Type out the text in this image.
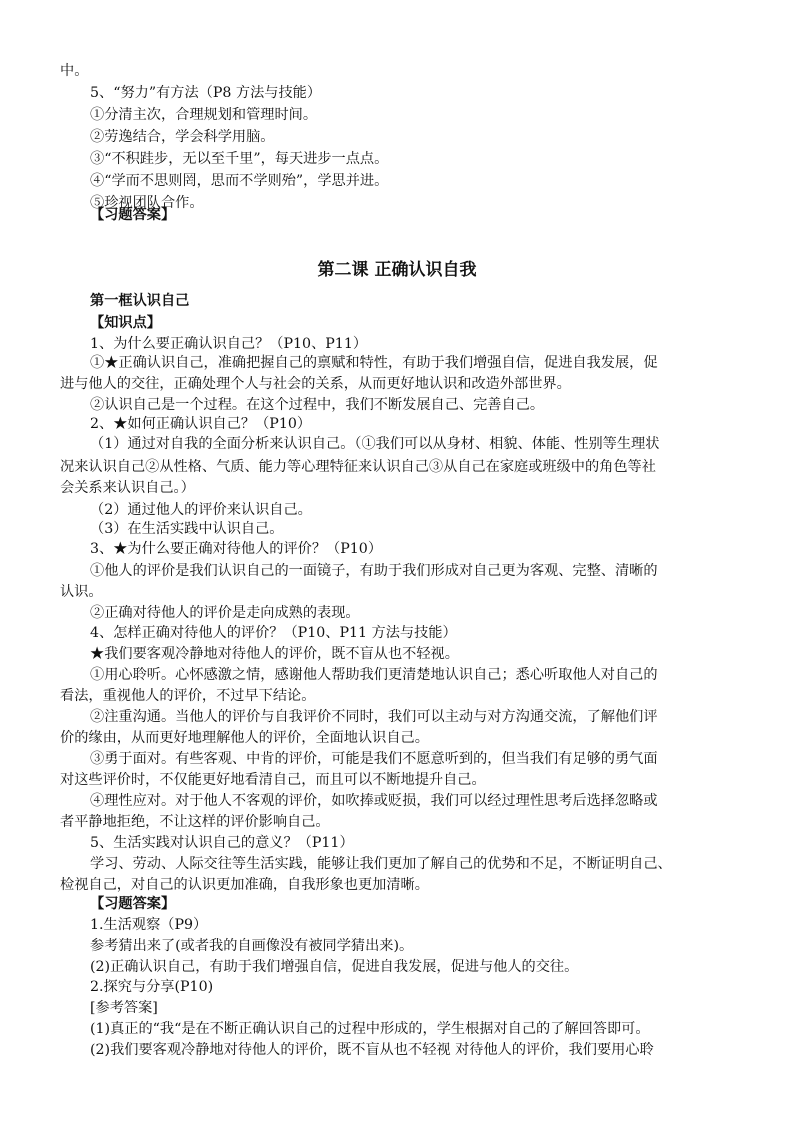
中。
5、“努力”有方法（P8 方法与技能）
①分清主次，合理规划和管理时间。
②劳逸结合，学会科学用脑。
③“不积跬步，无以至千里”，每天进步一点点。
④“学而不思则罔，思而不学则殆”，学思并进。
⑤珍视团队合作。
【习题答案】
第二课 正确认识自我
第一框认识自己
【知识点】
1、为什么要正确认识自己？（P10、P11）
①★正确认识自己，准确把握自己的禀赋和特性，有助于我们增强自信，促进自我发展，促
进与他人的交往，正确处理个人与社会的关系，从而更好地认识和改造外部世界。
②认识自己是一个过程。在这个过程中，我们不断发展自己、完善自己。
2、★如何正确认识自己？（P10）
（1）通过对自我的全面分析来认识自己。（①我们可以从身材、相貌、体能、性别等生理状
况来认识自己②从性格、气质、能力等心理特征来认识自己③从自己在家庭或班级中的角色等社
会关系来认识自己。）
（2）通过他人的评价来认识自己。
（3）在生活实践中认识自己。
3、★为什么要正确对待他人的评价？（P10）
①他人的评价是我们认识自己的一面镜子，有助于我们形成对自己更为客观、完整、清晰的
认识。
②正确对待他人的评价是走向成熟的表现。
4、怎样正确对待他人的评价？（P10、P11 方法与技能）
★我们要客观冷静地对待他人的评价，既不盲从也不轻视。
①用心聆听。心怀感激之情，感谢他人帮助我们更清楚地认识自己；悉心听取他人对自己的
看法，重视他人的评价，不过早下结论。
②注重沟通。当他人的评价与自我评价不同时，我们可以主动与对方沟通交流，了解他们评
价的缘由，从而更好地理解他人的评价，全面地认识自己。
③勇于面对。有些客观、中肯的评价，可能是我们不愿意听到的，但当我们有足够的勇气面
对这些评价时，不仅能更好地看清自己，而且可以不断地提升自己。
④理性应对。对于他人不客观的评价，如吹捧或贬损，我们可以经过理性思考后选择忽略或
者平静地拒绝，不让这样的评价影响自己。
5、生活实践对认识自己的意义？（P11）
学习、劳动、人际交往等生活实践，能够让我们更加了解自己的优势和不足，不断证明自己、
检视自己，对自己的认识更加准确，自我形象也更加清晰。
【习题答案】
1.生活观察（P9）
参考猜出来了(或者我的自画像没有被同学猜出来)。
(2)正确认识自己，有助于我们增强自信，促进自我发展，促进与他人的交往。
2.探究与分享(P10)
[参考答案]
(1)真正的“我“是在不断正确认识自己的过程中形成的，学生根据对自己的了解回答即可。
(2)我们要客观冷静地对待他人的评价，既不盲从也不轻视 对待他人的评价，我们要用心聆
